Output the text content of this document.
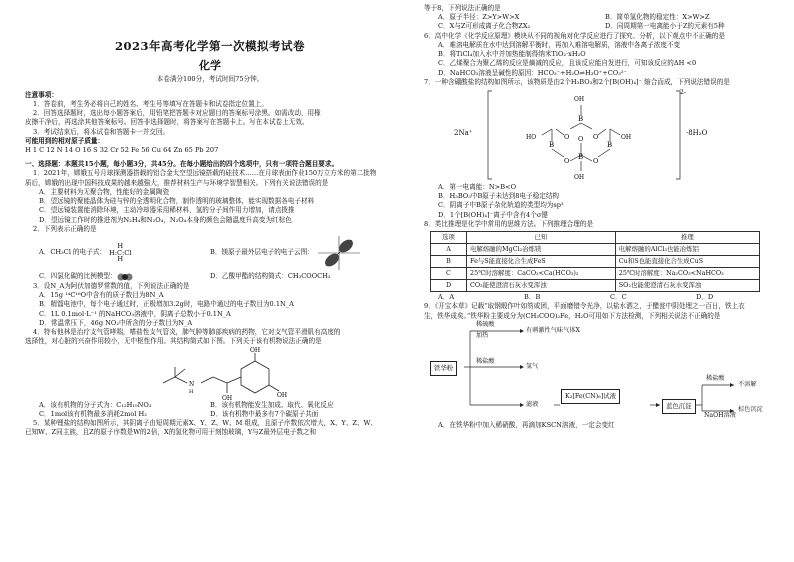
2023年高考化学第一次模拟考试卷
化学

本卷满分100分，考试时间75分钟。

注意事项：

1．答卷前，考生务必将自己的姓名、考生号等填写在答题卡和试卷指定位置上。

2．回答选择题时，选出每小题答案后，用铅笔把答题卡对应题目的答案标号涂黑。如需改动，用橡

皮擦干净后，再选涂其他答案标号。回答非选择题时，将答案写在答题卡上。写在本试卷上无效。

3．考试结束后，将本试卷和答题卡一并交回。

可能用到的相对原子质量：

H 1 C 12 N 14 O 16 S 32 Cr 52 Fe 56 Cu 64 Zn 65 Pb 207

一、选择题：本题共15小题，每小题3分，共45分。在每小题给出的四个选项中，只有一项符合题目要求。

1．2021年，嫦娥五号月球探测器搭载的铝合金太空望远镜搭载的硅技术……在月球表面作业150万立方米的第二批物

质后，嫦娥的出现中国科技成果的越来越强大，推荐材料生产与环境学智慧相关。下列有关说法错误的是

A．主要材料为无聚合物，性能好的金属陶瓷

B．望远镜的聚能晶体为硅与锌的全透明化合物，制作透明的玻璃整体，能实现数据各电子材料

C．望远镜装置能消除环境，主动冷却器采用稀材料，氢的分子间作用力增加，请点拨推

D．望远镜工作时的推进剂为N₂H₄和N₂O₄，N₂O₄本身的颜色会随温度升高变为红棕色

2．下列表示正确的是

A．CH₃Cl 的电子式：
H
H:C:Cl
H
B．镁原子最外层电子的电子云图：
C．四氯化碳的比例模型：	D．乙酸甲酯的结构简式：CH₃COOCH₃

3．设N_A为阿伏加德罗常数的值，下列说法正确的是

A．15g ¹⁴C¹⁶O中含有的质子数目为8N_A

B．精馏电池中，每个电子通过时，正极增加3.2g时，电路中通过的电子数目为0.1N_A

C．1L 0.1mol·L⁻¹ 的NaHCO₃溶液中，阴离子总数小于0.1N_A

D．常温常压下，46g NO₂中所含的分子数目为N_A

4．特布他林是治疗支气管哮喘，嗜盐性支气管炎，肺气肿等肺部疾病的药物，它对支气管平滑肌有高度的

选择性，对心脏的兴奋作用较小，无中枢性作用。其结构简式如下图。下列关于该有机物说法正确的是

OH
OH
OH
N
H
A．该有机物的分子式为：C₁₂H₁₉NO₃	B．该有机物能发生加成、取代、氧化反应
C．1mol该有机物最多消耗2mol H₂	D．该有机物中最多有7个碳原子共面

5．某种锂盐的结构如图所示，其阴离子由短周期元素X、Y、Z、W、M 组成，且原子序数依次增大，X、Y、Z、W、

已知W、Z同主族，且Z的原子序数是W的2倍，X的氢化物可用于刻蚀玻璃，Y与Z最外层电子数之和

等于8，下列说法正确的是

A．原子半径：Z>Y>W>X	B．简单氢化物的稳定性：X>W>Z
C．X与Z可形成离子化合物ZX₂	D．同周期第一电离能小于Z的元素有5种

6．高中化学《化学反应原理》模块从不同的视角对化学反应进行了探究、分析，以下观点中不正确的是

A．难溶电解质在水中达到溶解平衡时，再加入难溶电解质，溶液中各离子浓度不变

B．将TiCl₄加入水中并加热能制得纳米TiO₂·xH₂O

C．乙烯聚合为聚乙烯的反应是熵减的反应，且该反应能自发进行，可知该反应的ΔH <0

D．NaHCO₃溶液呈碱性的原因：HCO₃⁻+H₂O⇌H₃O⁺+CO₃²⁻

7．一种含硼酸盐的结构如图所示，该物质是由2个H₃BO₃和2个[B(OH)₄]⁻ 缩合而成，下列说法错误的是

2Na⁺
OH
B
O	O
O
B	B
HO	OH
O	O
B
OH
2-
·8H₂O

A．第一电离能：N>B<O

B．H₃BO₃中B原子未达到8电子稳定结构

C．阴离子中B原子杂化轨道的类型均为sp³

D．1个[B(OH)₄]⁻离子中含有4个σ键

8．类比推理是化学中常用的思维方法。下列推理合理的是

选项	已知	推理
A	电解熔融的MgCl₂冶炼镁	电解熔融的AlCl₃也能冶炼铝
B	Fe与S能直接化合生成FeS	Cu和S也能直接化合生成CuS
C	25℃时溶解度：CaCO₃<Ca(HCO₃)₂	25℃时溶解度：Na₂CO₃<NaHCO₃
D	CO₂能使澄清石灰水变浑浊	SO₂也能使澄清石灰水变浑浊
A．A	B．B	C．C	D．D

9．《开宝本草》记载“取钢煅作叶如笏或团，平面磨错令光净，以盐水洒之，于醋瓮中阴处埋之一百日，铁上衣

生，铁华成矣。”铁华粉主要成分为(CH₃COO)₂Fe，H₂O可用如下方法检测，下列相关说法不正确的是

铁华粉
稀硫酸
加热
有刺激性气味气体X
稀盐酸
氢气
滤液
K₃[Fe(CN)₆]试液
蓝色沉淀
稀盐酸
不溶解
NaOH溶液
棕色沉淀

A．在铁华粉中加入稀硝酸，再滴加KSCN溶液，一定会变红
